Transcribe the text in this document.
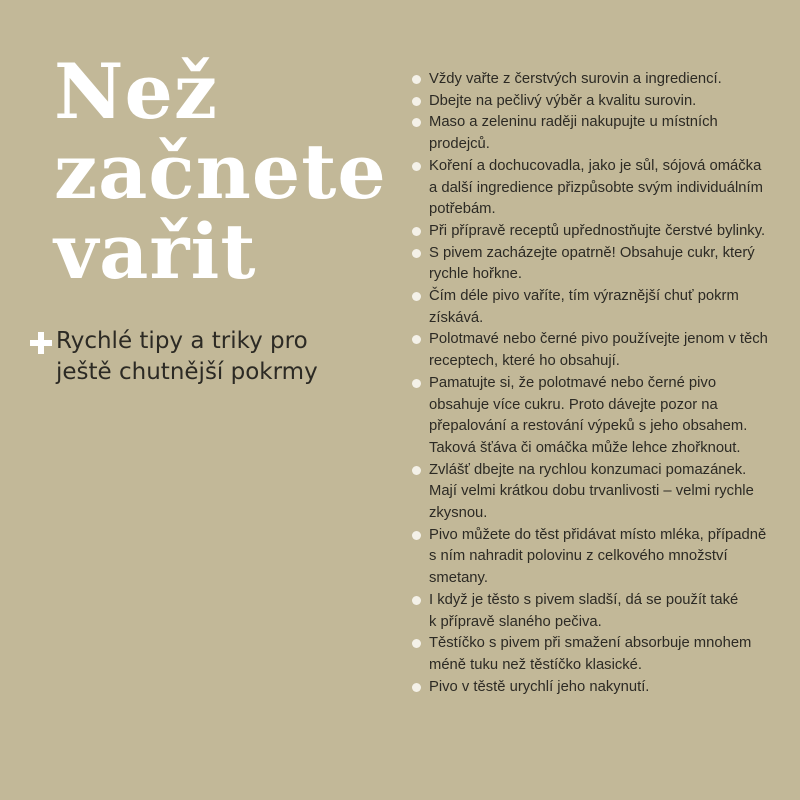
Než
začnete
vařit
Rychlé tipy a triky pro
ještě chutnější pokrmy
Vždy vařte z čerstvých surovin a ingrediencí.
Dbejte na pečlivý výběr a kvalitu surovin.
Maso a zeleninu raději nakupujte u místních
prodejců.
Koření a dochucovadla, jako je sůl, sójová omáčka
a další ingredience přizpůsobte svým individuálním
potřebám.
Při přípravě receptů upřednostňujte čerstvé bylinky.
S pivem zacházejte opatrně! Obsahuje cukr, který
rychle hořkne.
Čím déle pivo vaříte, tím výraznější chuť pokrm
získává.
Polotmavé nebo černé pivo používejte jenom v těch
receptech, které ho obsahují.
Pamatujte si, že polotmavé nebo černé pivo
obsahuje více cukru. Proto dávejte pozor na
přepalování a restování výpeků s jeho obsahem.
Taková šťáva či omáčka může lehce zhořknout.
Zvlášť dbejte na rychlou konzumaci pomazánek.
Mají velmi krátkou dobu trvanlivosti – velmi rychle
zkysnou.
Pivo můžete do těst přidávat místo mléka, případně
s ním nahradit polovinu z celkového množství
smetany.
I když je těsto s pivem sladší, dá se použít také
k přípravě slaného pečiva.
Těstíčko s pivem při smažení absorbuje mnohem
méně tuku než těstíčko klasické.
Pivo v těstě urychlí jeho nakynutí.
